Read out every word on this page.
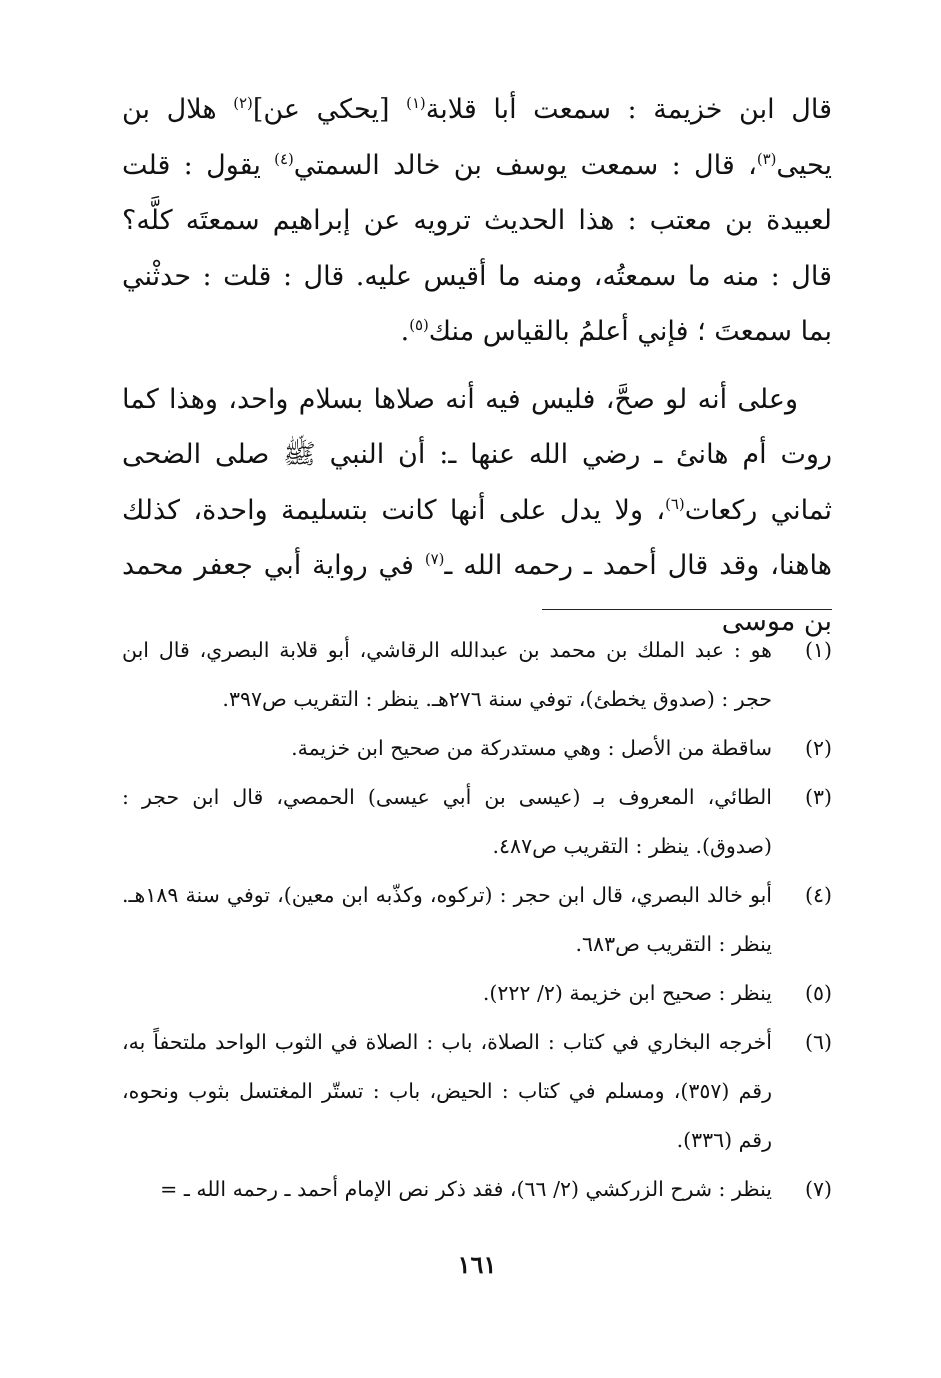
قال ابن خزيمة : سمعت أبا قلابة$^{(١)}$ [يحكي عن]$^{(٢)}$ هلال بن يحيى$^{(٣)}$، قال : سمعت يوسف بن خالد السمتي$^{(٤)}$ يقول : قلت لعبيدة بن معتب : هذا الحديث ترويه عن إبراهيم سمعتَه كلَّه؟ قال : منه ما سمعتُه، ومنه ما أقيس عليه. قال : قلت : حدثْني بما سمعتَ ؛ فإني أعلمُ بالقياس منك$^{(٥)}$.

وعلى أنه لو صحَّ، فليس فيه أنه صلاها بسلام واحد، وهذا كما روت أم هانئ ـ رضي الله عنها ـ: أن النبي ﷺ صلى الضحى ثماني ركعات$^{(٦)}$، ولا يدل على أنها كانت بتسليمة واحدة، كذلك هاهنا، وقد قال أحمد ـ رحمه الله ـ$^{(٧)}$ في رواية أبي جعفر محمد بن موسى

(١)
هو : عبد الملك بن محمد بن عبدالله الرقاشي، أبو قلابة البصري، قال ابن حجر : (صدوق يخطئ)، توفي سنة ٢٧٦هـ. ينظر : التقريب ص٣٩٧.
(٢)
ساقطة من الأصل : وهي مستدركة من صحيح ابن خزيمة.
(٣)
الطائي، المعروف بـ (عيسى بن أبي عيسى) الحمصي، قال ابن حجر : (صدوق). ينظر : التقريب ص٤٨٧.
(٤)
أبو خالد البصري، قال ابن حجر : (تركوه، وكذّبه ابن معين)، توفي سنة ١٨٩هـ. ينظر : التقريب ص٦٨٣.
(٥)
ينظر : صحيح ابن خزيمة (٢/ ٢٢٢).
(٦)
أخرجه البخاري في كتاب : الصلاة، باب : الصلاة في الثوب الواحد ملتحفاً به، رقم (٣٥٧)، ومسلم في كتاب : الحيض، باب : تستّر المغتسل بثوب ونحوه، رقم (٣٣٦).
(٧)
ينظر : شرح الزركشي (٢/ ٦٦)، فقد ذكر نص الإمام أحمد ـ رحمه الله ـ =
١٦١
